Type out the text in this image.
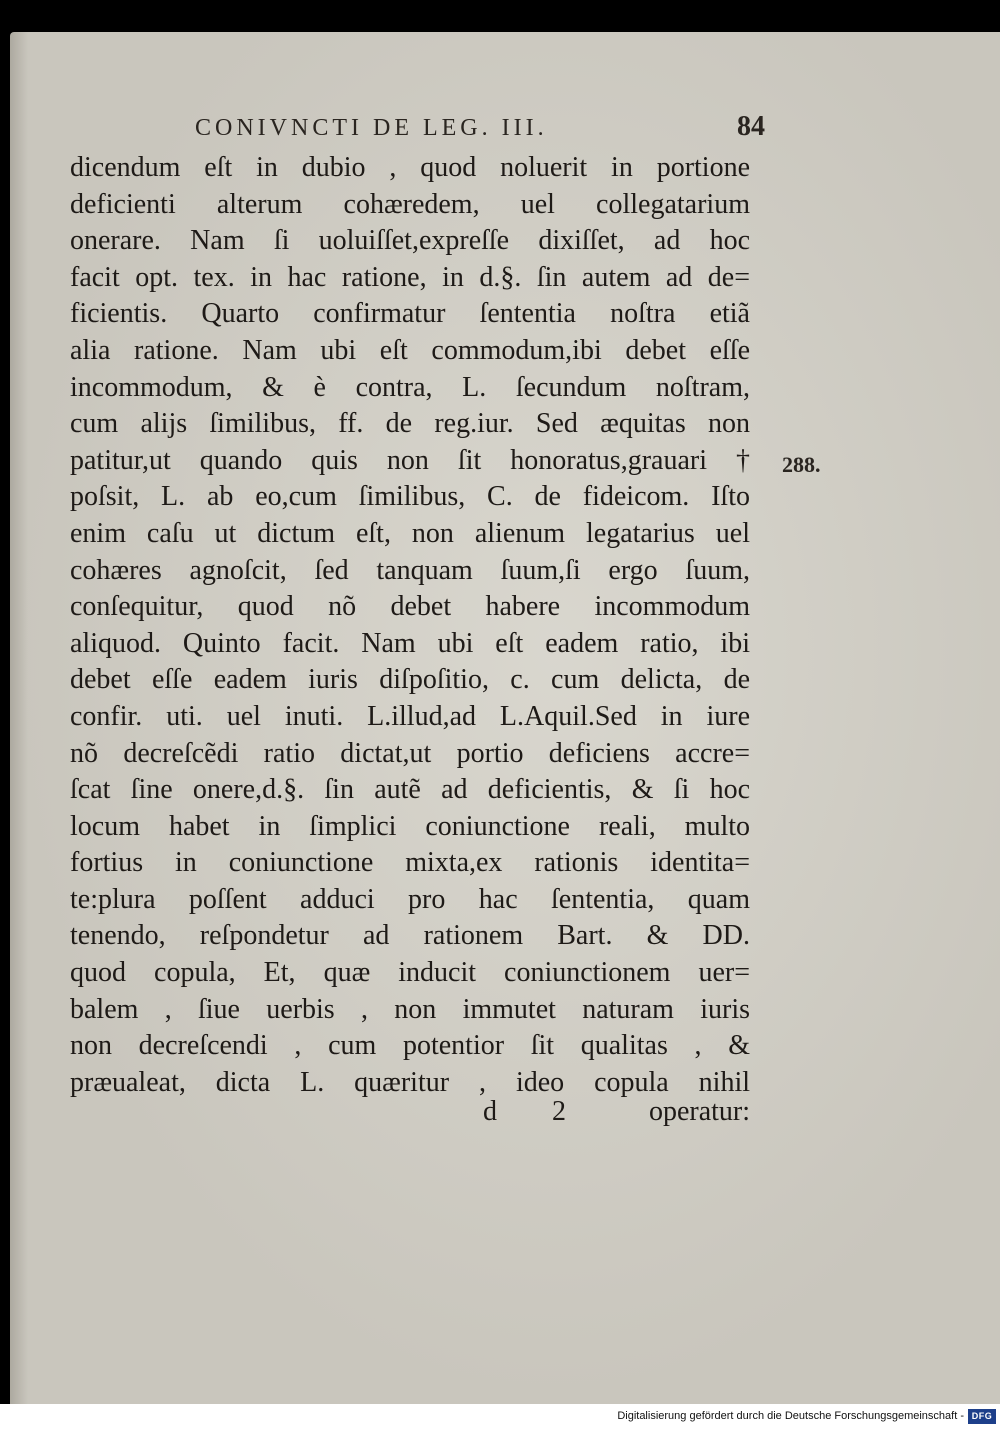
CONIVNCTI DE LEG. III.	84
dicendum eſt in dubio , quod noluerit in portione
deficienti alterum cohæredem, uel collegatarium
onerare. Nam ſi uoluiſſet,expreſſe dixiſſet, ad hoc
facit opt. tex. in hac ratione, in d.§. ſin autem ad de=
ficientis. Quarto confirmatur ſententia noſtra etiã
alia ratione. Nam ubi eſt commodum,ibi debet eſſe
incommodum, & è contra, L. ſecundum noſtram,
cum alijs ſimilibus, ff. de reg.iur. Sed æquitas non
patitur,ut quando quis non ſit honoratus,grauari †
poſsit, L. ab eo,cum ſimilibus, C. de fideicom. Iſto
enim caſu ut dictum eſt, non alienum legatarius uel
cohæres agnoſcit, ſed tanquam ſuum,ſi ergo ſuum,
conſequitur, quod nõ debet habere incommodum
aliquod. Quinto facit. Nam ubi eſt eadem ratio, ibi
debet eſſe eadem iuris diſpoſitio, c. cum delicta, de
confir. uti. uel inuti. L.illud,ad L.Aquil.Sed in iure
nõ decreſcẽdi ratio dictat,ut portio deficiens accre=
ſcat ſine onere,d.§. ſin autẽ ad deficientis, & ſi hoc
locum habet in ſimplici coniunctione reali, multo
fortius in coniunctione mixta,ex rationis identita=
te:plura poſſent adduci pro hac ſententia, quam
tenendo, reſpondetur ad rationem Bart. & DD.
quod copula, Et, quæ inducit coniunctionem uer=
balem , ſiue uerbis , non immutet naturam iuris
non decreſcendi , cum potentior ſit qualitas , &
præualeat, dicta L. quæritur , ideo copula nihil
d 2 operatur:
288.
Digitalisierung gefördert durch die Deutsche Forschungsgemeinschaft - DFG
